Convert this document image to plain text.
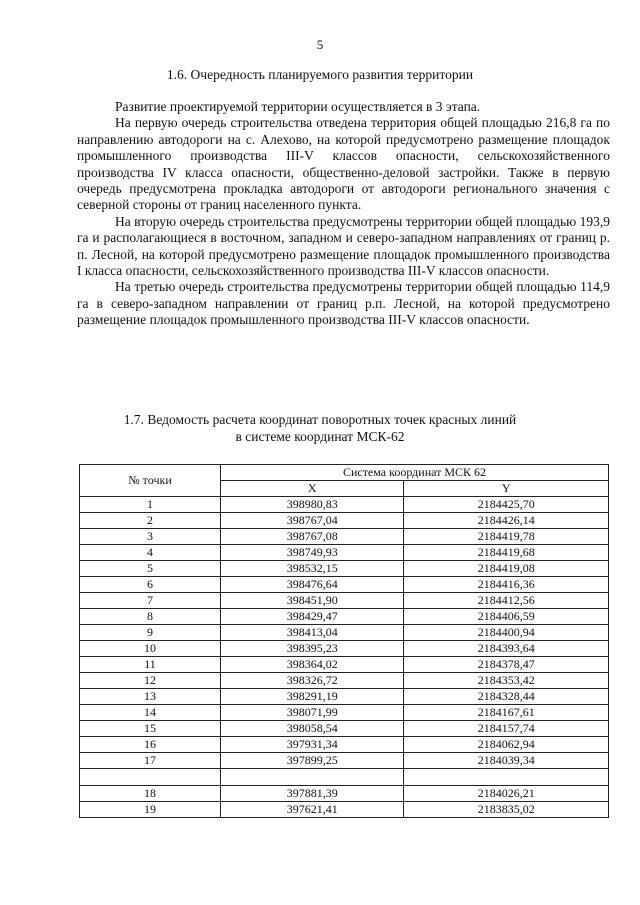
5
1.6. Очередность планируемого развития территории

Развитие проектируемой территории осуществляется в 3 этапа.

На первую очередь строительства отведена территория общей площадью 216,8 га по направлению автодороги на с. Алехово, на которой предусмотрено размещение площадок промышленного производства III-V классов опасности, сельскохозяйственного производства IV класса опасности, общественно-деловой застройки. Также в первую очередь предусмотрена прокладка автодороги от автодороги регионального значения с северной стороны от границ населенного пункта.

На вторую очередь строительства предусмотрены территории общей площадью 193,9 га и располагающиеся в восточном, западном и северо-западном направлениях от границ р. п. Лесной, на которой предусмотрено размещение площадок промышленного производства I класса опасности, сельскохозяйственного производства III-V классов опасности.

На третью очередь строительства предусмотрены территории общей площадью 114,9 га в северо-западном направлении от границ р.п. Лесной, на которой предусмотрено размещение площадок промышленного производства III-V классов опасности.

1.7. Ведомость расчета координат поворотных точек красных линий
в системе координат МСК-62
№ точки	Система координат МСК 62	
	X	Y
1	398980,83	2184425,70
2	398767,04	2184426,14
3	398767,08	2184419,78
4	398749,93	2184419,68
5	398532,15	2184419,08
6	398476,64	2184416,36
7	398451,90	2184412,56
8	398429,47	2184406,59
9	398413,04	2184400,94
10	398395,23	2184393,64
11	398364,02	2184378,47
12	398326,72	2184353,42
13	398291,19	2184328,44
14	398071,99	2184167,61
15	398058,54	2184157,74
16	397931,34	2184062,94
17	397899,25	2184039,34

18	397881,39	2184026,21
19	397621,41	2183835,02
